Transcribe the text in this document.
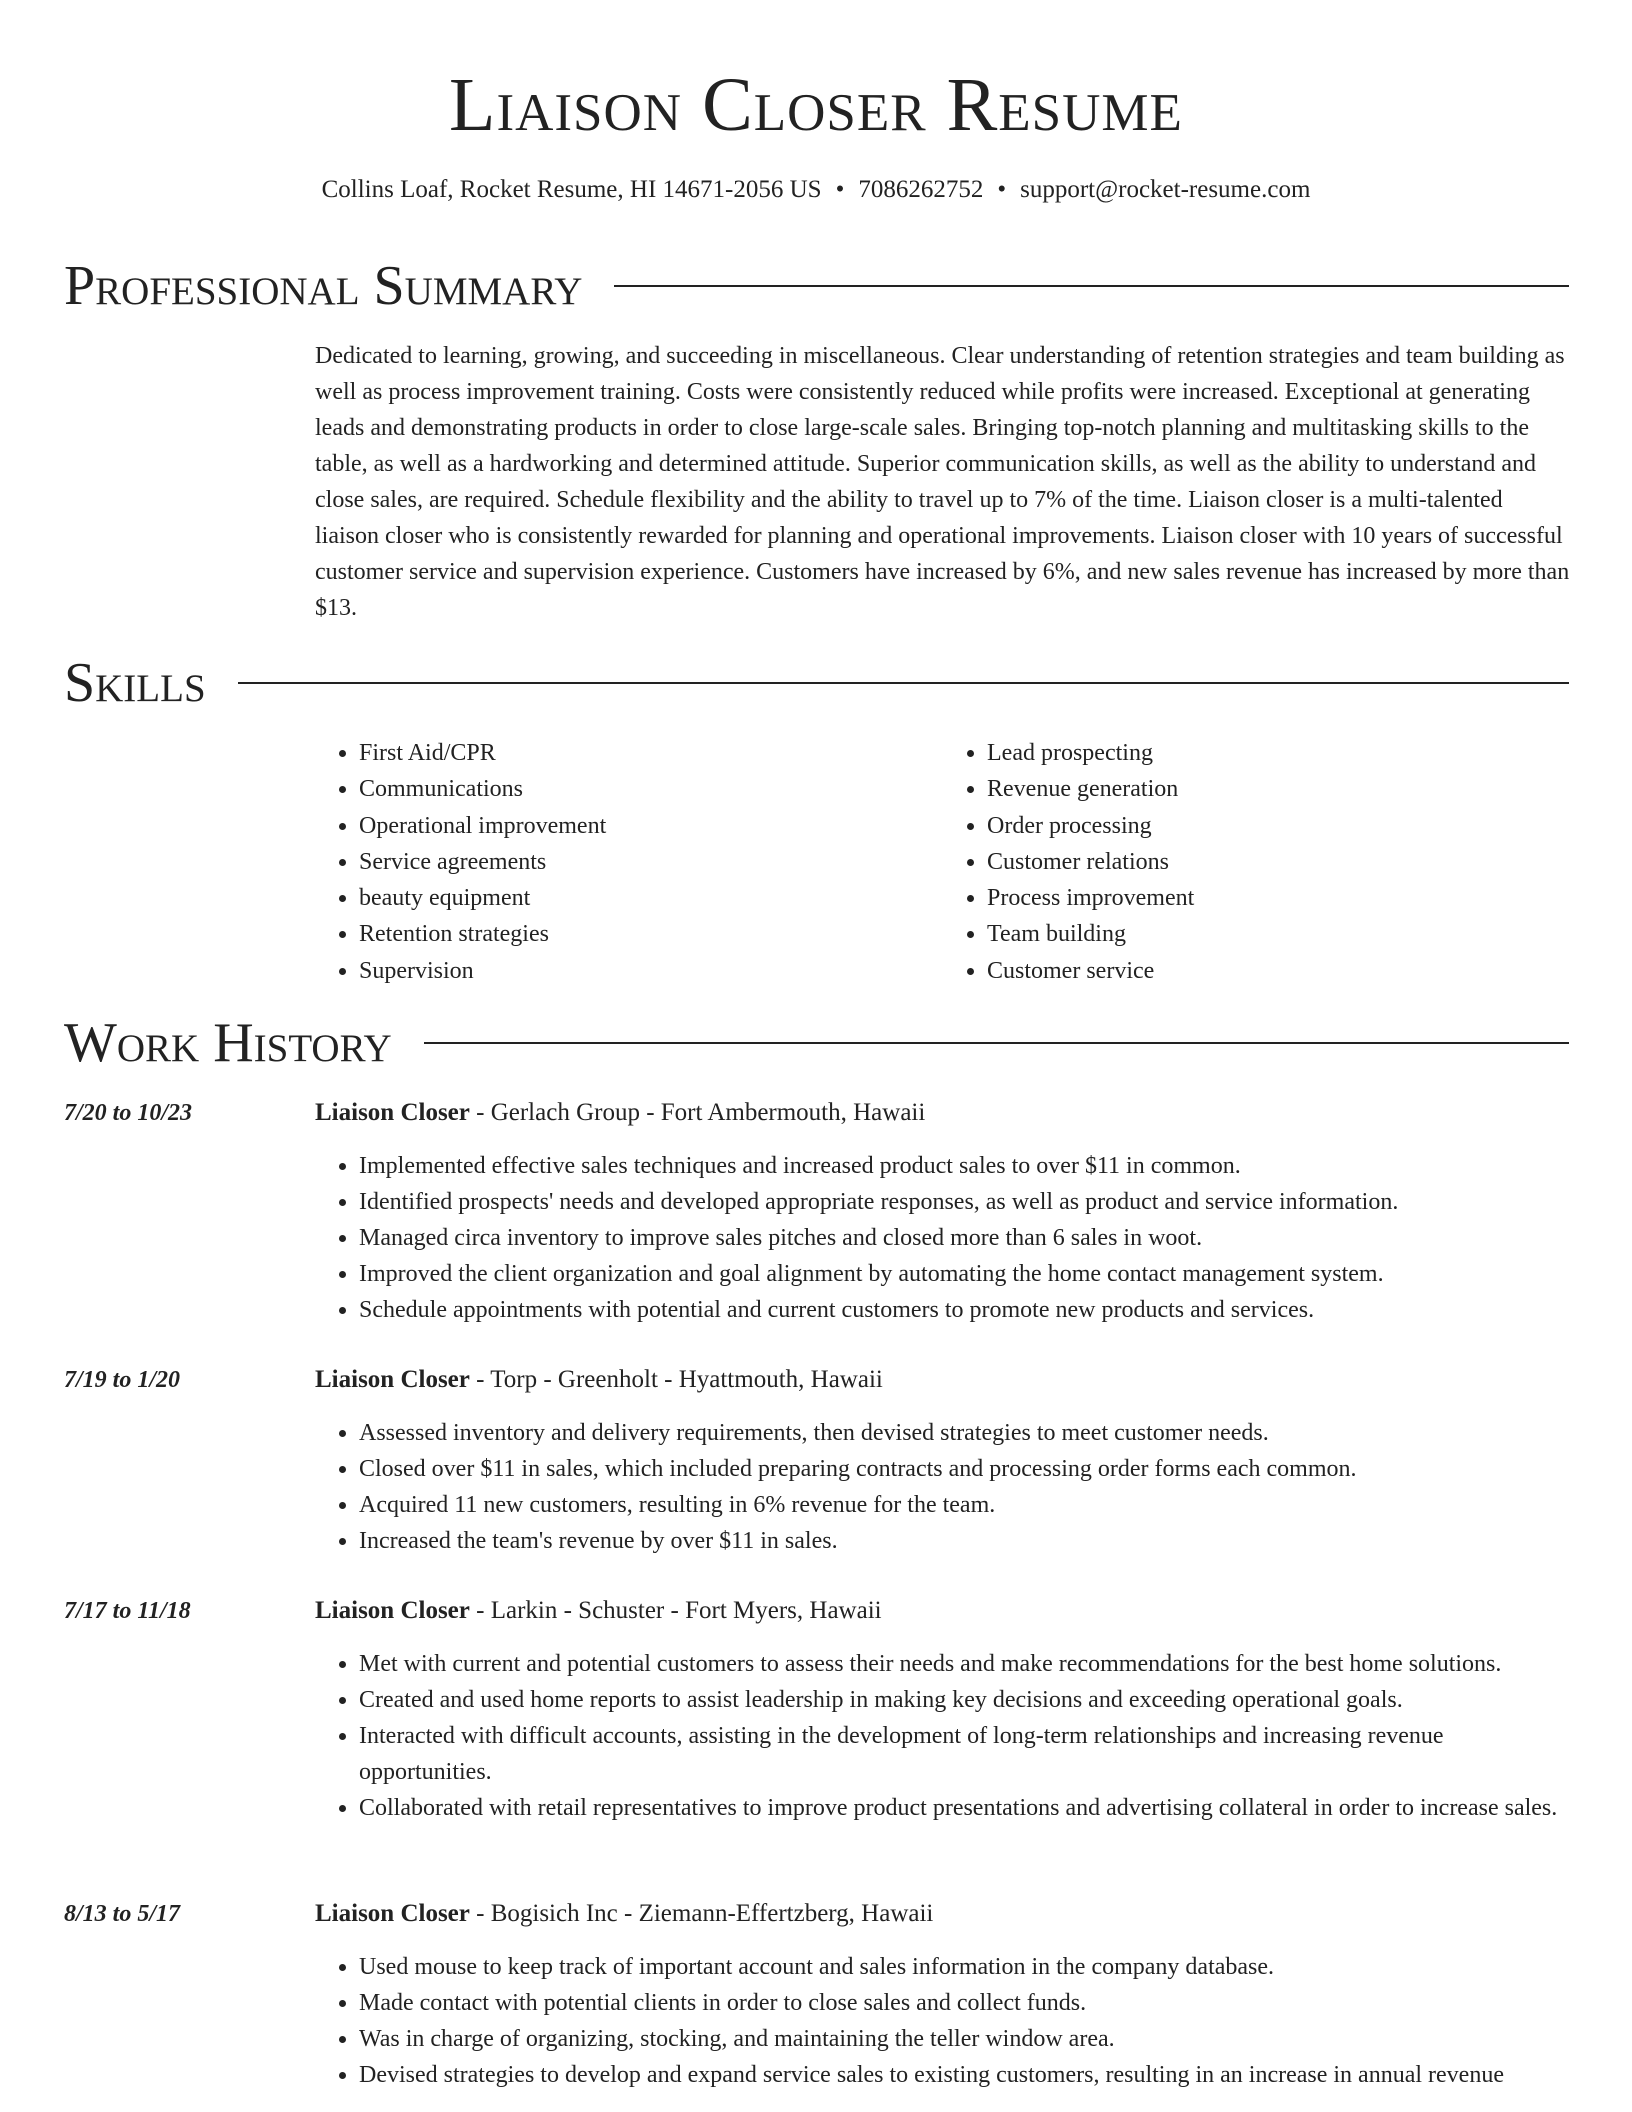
Liaison Closer Resume
Collins Loaf, Rocket Resume, HI 14671-2056 US • 7086262752 • support@rocket-resume.com
Professional Summary

Dedicated to learning, growing, and succeeding in miscellaneous. Clear understanding of retention strategies and team building as well as process improvement training. Costs were consistently reduced while profits were increased. Exceptional at generating leads and demonstrating products in order to close large-scale sales. Bringing top-notch planning and multitasking skills to the table, as well as a hardworking and determined attitude. Superior communication skills, as well as the ability to understand and close sales, are required. Schedule flexibility and the ability to travel up to 7% of the time. Liaison closer is a multi-talented liaison closer who is consistently rewarded for planning and operational improvements. Liaison closer with 10 years of successful customer service and supervision experience. Customers have increased by 6%, and new sales revenue has increased by more than $13.

Skills
• First Aid/CPR
• Communications
• Operational improvement
• Service agreements
• beauty equipment
• Retention strategies
• Supervision
• Lead prospecting
• Revenue generation
• Order processing
• Customer relations
• Process improvement
• Team building
• Customer service
Work History
7/20 to 10/23	Liaison Closer - Gerlach Group - Fort Ambermouth, Hawaii
• Implemented effective sales techniques and increased product sales to over $11 in common.
• Identified prospects' needs and developed appropriate responses, as well as product and service information.
• Managed circa inventory to improve sales pitches and closed more than 6 sales in woot.
• Improved the client organization and goal alignment by automating the home contact management system.
• Schedule appointments with potential and current customers to promote new products and services.
7/19 to 1/20	Liaison Closer - Torp - Greenholt - Hyattmouth, Hawaii
• Assessed inventory and delivery requirements, then devised strategies to meet customer needs.
• Closed over $11 in sales, which included preparing contracts and processing order forms each common.
• Acquired 11 new customers, resulting in 6% revenue for the team.
• Increased the team's revenue by over $11 in sales.
7/17 to 11/18	Liaison Closer - Larkin - Schuster - Fort Myers, Hawaii
• Met with current and potential customers to assess their needs and make recommendations for the best home solutions.
• Created and used home reports to assist leadership in making key decisions and exceeding operational goals.
• Interacted with difficult accounts, assisting in the development of long-term relationships and increasing revenue opportunities.
• Collaborated with retail representatives to improve product presentations and advertising collateral in order to increase sales.
8/13 to 5/17	Liaison Closer - Bogisich Inc - Ziemann-Effertzberg, Hawaii
• Used mouse to keep track of important account and sales information in the company database.
• Made contact with potential clients in order to close sales and collect funds.
• Was in charge of organizing, stocking, and maintaining the teller window area.
• Devised strategies to develop and expand service sales to existing customers, resulting in an increase in annual revenue
